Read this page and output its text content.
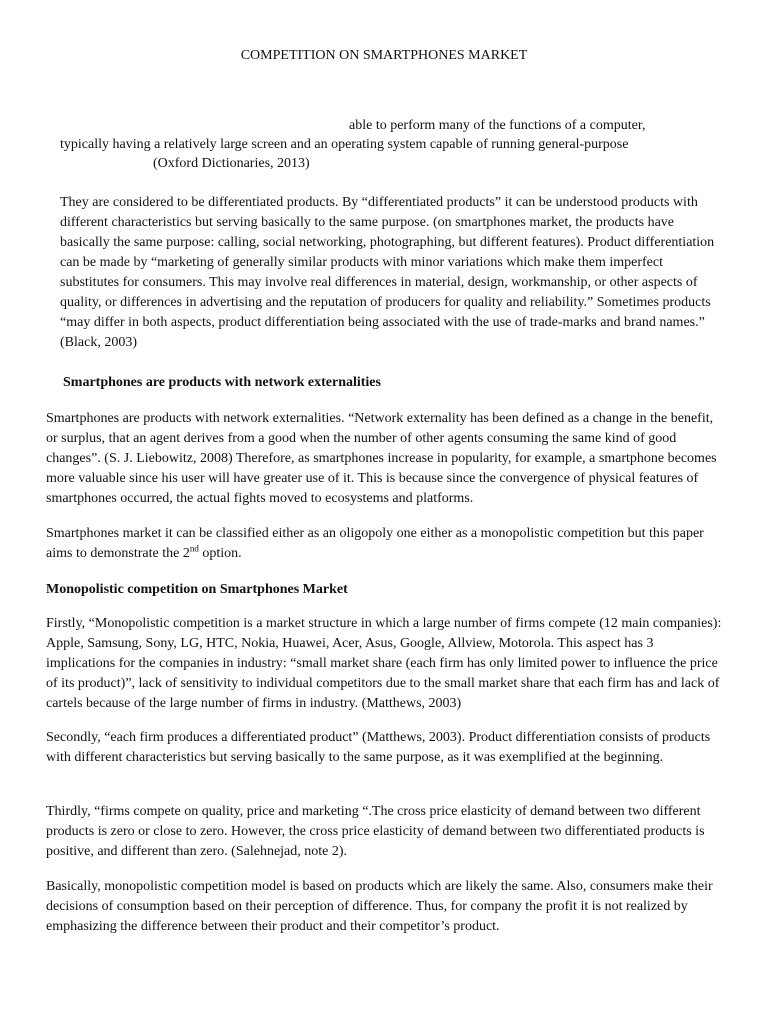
COMPETITION ON SMARTPHONES MARKET
able to perform many of the functions of a computer,
typically having a relatively large screen and an operating system capable of running general-purpose
(Oxford Dictionaries, 2013)

They are considered to be differentiated products. By “differentiated products” it can be understood products with different characteristics but serving basically to the same purpose. (on smartphones market, the products have basically the same purpose: calling, social networking, photographing, but different features). Product differentiation can be made by “marketing of generally similar products with minor variations which make them imperfect substitutes for consumers. This may involve real differences in material, design, workmanship, or other aspects of quality, or differences in advertising and the reputation of producers for quality and reliability.” Sometimes products “may differ in both aspects, product differentiation being associated with the use of trade-marks and brand names.” (Black, 2003)

Smartphones are products with network externalities

Smartphones are products with network externalities. “Network externality has been defined as a change in the benefit, or surplus, that an agent derives from a good when the number of other agents consuming the same kind of good changes”. (S. J. Liebowitz, 2008) Therefore, as smartphones increase in popularity, for example, a smartphone becomes more valuable since his user will have greater use of it. This is because since the convergence of physical features of smartphones occurred, the actual fights moved to ecosystems and platforms.

Smartphones market it can be classified either as an oligopoly one either as a monopolistic competition but this paper aims to demonstrate the 2nd option.

Monopolistic competition on Smartphones Market

Firstly, “Monopolistic competition is a market structure in which a large number of firms compete (12 main companies): Apple, Samsung, Sony, LG, HTC, Nokia, Huawei, Acer, Asus, Google, Allview, Motorola. This aspect has 3 implications for the companies in industry: “small market share (each firm has only limited power to influence the price of its product)”, lack of sensitivity to individual competitors due to the small market share that each firm has and lack of cartels because of the large number of firms in industry. (Matthews, 2003)

Secondly, “each firm produces a differentiated product” (Matthews, 2003). Product differentiation consists of products with different characteristics but serving basically to the same purpose, as it was exemplified at the beginning.

Thirdly, “firms compete on quality, price and marketing “.The cross price elasticity of demand between two different products is zero or close to zero. However, the cross price elasticity of demand between two differentiated products is positive, and different than zero. (Salehnejad, note 2).

Basically, monopolistic competition model is based on products which are likely the same. Also, consumers make their decisions of consumption based on their perception of difference. Thus, for company the profit it is not realized by emphasizing the difference between their product and their competitor’s product.
